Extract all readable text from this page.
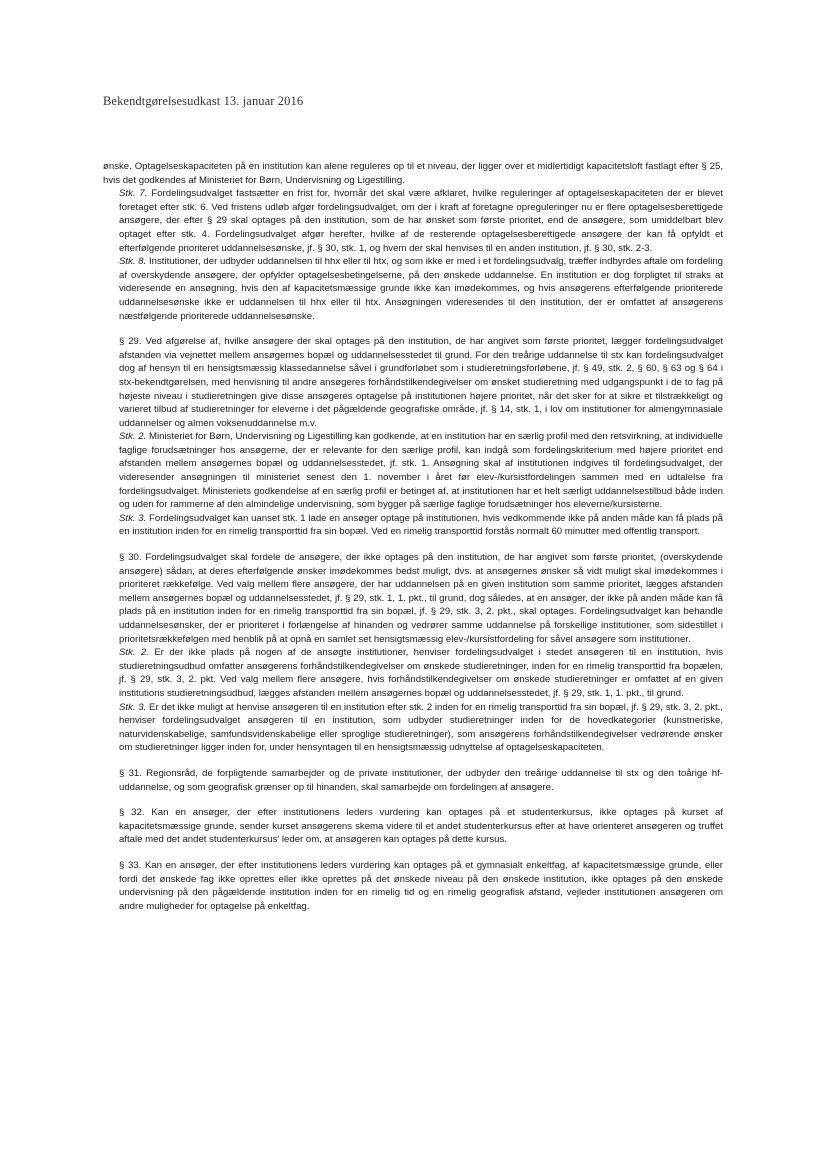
Bekendtgørelsesudkast 13. januar 2016

ønske. Optagelseskapaciteten på en institution kan alene reguleres op til et niveau, der ligger over et midlertidigt kapacitetsloft fastlagt efter § 25, hvis det godkendes af Ministeriet for Børn, Undervisning og Ligestilling.

Stk. 7. Fordelingsudvalget fastsætter en frist for, hvornår det skal være afklaret, hvilke reguleringer af optagelseskapaciteten der er blevet foretaget efter stk. 6. Ved fristens udløb afgør fordelingsudvalget, om der i kraft af foretagne opreguleringer nu er flere optagelsesberettigede ansøgere, der efter § 29 skal optages på den institution, som de har ønsket som første prioritet, end de ansøgere, som umiddelbart blev optaget efter stk. 4. Fordelingsudvalget afgør herefter, hvilke af de resterende optagelsesberettigede ansøgere der kan få opfyldt et efterfølgende prioriteret uddannelsesønske, jf. § 30, stk. 1, og hvem der skal henvises til en anden institution, jf. § 30, stk. 2-3.

Stk. 8. Institutioner, der udbyder uddannelsen til hhx eller til htx, og som ikke er med i et fordelingsudvalg, træffer indbyrdes aftale om fordeling af overskydende ansøgere, der opfylder optagelsesbetingelserne, på den ønskede uddannelse. En institution er dog forpligtet til straks at videresende en ansøgning, hvis den af kapacitetsmæssige grunde ikke kan imødekommes, og hvis ansøgerens efterfølgende prioriterede uddannelsesønske ikke er uddannelsen til hhx eller til htx. Ansøgningen videresendes til den institution, der er omfattet af ansøgerens næstfølgende prioriterede uddannelsesønske.

§ 29. Ved afgørelse af, hvilke ansøgere der skal optages på den institution, de har angivet som første prioritet, lægger fordelingsudvalget afstanden via vejnettet mellem ansøgernes bopæl og uddannelsesstedet til grund. For den treårige uddannelse til stx kan fordelingsudvalget dog af hensyn til en hensigtsmæssig klassedannelse såvel i grundforløbet som i studieretningsforløbene, jf. § 49, stk. 2, § 60, § 63 og § 64 i stx-bekendtgørelsen, med henvisning til andre ansøgeres forhåndstilkendegivelser om ønsket studieretning med udgangspunkt i de to fag på højeste niveau i studieretningen give disse ansøgeres optagelse på institutionen højere prioritet, når det sker for at sikre et tilstrækkeligt og varieret tilbud af studieretninger for eleverne i det pågældende geografiske område, jf. § 14, stk. 1, i lov om institutioner for almengymnasiale uddannelser og almen voksenuddannelse m.v.

Stk. 2. Ministeriet for Børn, Undervisning og Ligestilling kan godkende, at en institution har en særlig profil med den retsvirkning, at individuelle faglige forudsætninger hos ansøgerne, der er relevante for den særlige profil, kan indgå som fordelingskriterium med højere prioritet end afstanden mellem ansøgernes bopæl og uddannelsesstedet, jf. stk. 1. Ansøgning skal af institutionen indgives til fordelingsudvalget, der videresender ansøgningen til ministeriet senest den 1. november i året før elev-/kursistfordelingen sammen med en udtalelse fra fordelingsudvalget. Ministeriets godkendelse af en særlig profil er betinget af, at institutionen har et helt særligt uddannelsestilbud både inden og uden for rammerne af den almindelige undervisning, som bygger på særlige faglige forudsætninger hos eleverne/kursisterne.

Stk. 3. Fordelingsudvalget kan uanset stk. 1 lade en ansøger optage på institutionen, hvis vedkommende ikke på anden måde kan få plads på en institution inden for en rimelig transporttid fra sin bopæl. Ved en rimelig transporttid forstås normalt 60 minutter med offentlig transport.

§ 30. Fordelingsudvalget skal fordele de ansøgere, der ikke optages på den institution, de har angivet som første prioritet, (overskydende ansøgere) sådan, at deres efterfølgende ønsker imødekommes bedst muligt, dvs. at ansøgernes ønsker så vidt muligt skal imødekommes i prioriteret rækkefølge. Ved valg mellem flere ansøgere, der har uddannelsen på en given institution som samme prioritet, lægges afstanden mellem ansøgernes bopæl og uddannelsesstedet, jf. § 29, stk. 1, 1. pkt., til grund, dog således, at en ansøger, der ikke på anden måde kan få plads på en institution inden for en rimelig transporttid fra sin bopæl, jf. § 29, stk. 3, 2. pkt., skal optages. Fordelingsudvalget kan behandle uddannelsesønsker, der er prioriteret i forlængelse af hinanden og vedrører samme uddannelse på forskellige institutioner, som sidestillet i prioritetsrækkefølgen med henblik på at opnå en samlet set hensigtsmæssig elev-/kursistfordeling for såvel ansøgere som institutioner.

Stk. 2. Er der ikke plads på nogen af de ansøgte institutioner, henviser fordelingsudvalget i stedet ansøgeren til en institution, hvis studieretningsudbud omfatter ansøgerens forhåndstilkendegivelser om ønskede studieretninger, inden for en rimelig transporttid fra bopælen, jf. § 29, stk. 3, 2. pkt. Ved valg mellem flere ansøgere, hvis forhåndstilkendegivelser om ønskede studieretninger er omfattet af en given institutions studieretningsudbud, lægges afstanden mellem ansøgernes bopæl og uddannelsesstedet, jf. § 29, stk. 1, 1. pkt., til grund.

Stk. 3. Er det ikke muligt at henvise ansøgeren til en institution efter stk. 2 inden for en rimelig transporttid fra sin bopæl, jf. § 29, stk. 3, 2. pkt., henviser fordelingsudvalget ansøgeren til en institution, som udbyder studieretninger inden for de hovedkategorier (kunstneriske, naturvidenskabelige, samfundsvidenskabelige eller sproglige studieretninger), som ansøgerens forhåndstilkendegivelser vedrørende ønsker om studieretninger ligger inden for, under hensyntagen til en hensigtsmæssig udnyttelse af optagelseskapaciteten.

§ 31. Regionsråd, de forpligtende samarbejder og de private institutioner, der udbyder den treårige uddannelse til stx og den toårige hf-uddannelse, og som geografisk grænser op til hinanden, skal samarbejde om fordelingen af ansøgere.

§ 32. Kan en ansøger, der efter institutionens leders vurdering kan optages på et studenterkursus, ikke optages på kurset af kapacitetsmæssige grunde, sender kurset ansøgerens skema videre til et andet studenterkursus efter at have orienteret ansøgeren og truffet aftale med det andet studenterkursus' leder om, at ansøgeren kan optages på dette kursus.

§ 33. Kan en ansøger, der efter institutionens leders vurdering kan optages på et gymnasialt enkeltfag, af kapacitetsmæssige grunde, eller fordi det ønskede fag ikke oprettes eller ikke oprettes på det ønskede niveau på den ønskede institution, ikke optages på den ønskede undervisning på den pågældende institution inden for en rimelig tid og en rimelig geografisk afstand, vejleder institutionen ansøgeren om andre muligheder for optagelse på enkeltfag.
